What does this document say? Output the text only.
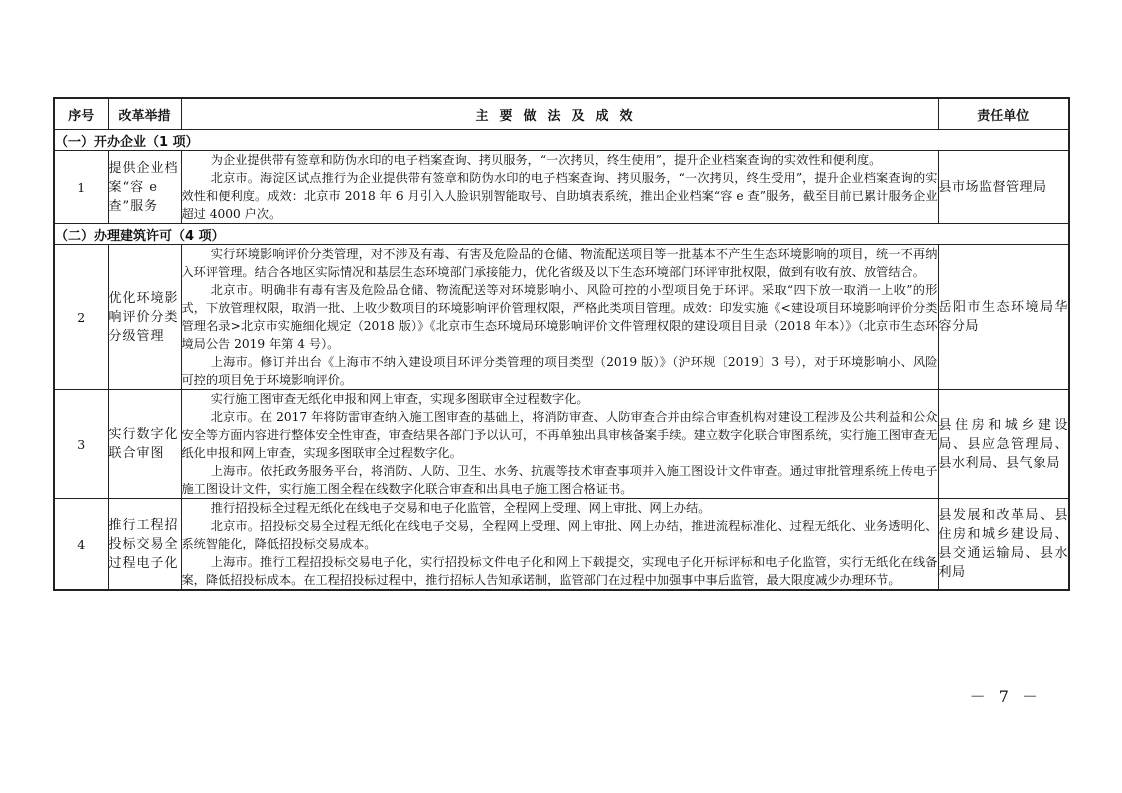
序号	改革举措	主要做法及成效	责任单位
（一）开办企业（1 项）			
1	提供企业档案“容 e 查”服务	为企业提供带有签章和防伪水印的电子档案查询、拷贝服务，“一次拷贝，终生使用”，提升企业档案查询的实效性和便利度。

北京市。海淀区试点推行为企业提供带有签章和防伪水印的电子档案查询、拷贝服务，“一次拷贝，终生受用”，提升企业档案查询的实效性和便利度。成效：北京市 2018 年 6 月引入人脸识别智能取号、自助填表系统，推出企业档案“容 e 查”服务，截至目前已累计服务企业超过 4000 户次。	县市场监督管理局
（二）办理建筑许可（4 项）			
2	优化环境影响评价分类分级管理	实行环境影响评价分类管理，对不涉及有毒、有害及危险品的仓储、物流配送项目等一批基本不产生生态环境影响的项目，统一不再纳入环评管理。结合各地区实际情况和基层生态环境部门承接能力，优化省级及以下生态环境部门环评审批权限，做到有收有放、放管结合。

北京市。明确非有毒有害及危险品仓储、物流配送等对环境影响小、风险可控的小型项目免于环评。采取“四下放一取消一上收”的形式，下放管理权限，取消一批、上收少数项目的环境影响评价管理权限，严格此类项目管理。成效：印发实施《<建设项目环境影响评价分类管理名录>北京市实施细化规定（2018 版）》《北京市生态环境局环境影响评价文件管理权限的建设项目目录（2018 年本）》（北京市生态环境局公告 2019 年第 4 号）。

上海市。修订并出台《上海市不纳入建设项目环评分类管理的项目类型（2019 版）》（沪环规〔2019〕3 号），对于环境影响小、风险可控的项目免于环境影响评价。	岳阳市生态环境局华容分局
3	实行数字化联合审图	实行施工图审查无纸化申报和网上审查，实现多图联审全过程数字化。

北京市。在 2017 年将防雷审查纳入施工图审查的基础上，将消防审查、人防审查合并由综合审查机构对建设工程涉及公共利益和公众安全等方面内容进行整体安全性审查，审查结果各部门予以认可，不再单独出具审核备案手续。建立数字化联合审图系统，实行施工图审查无纸化申报和网上审查，实现多图联审全过程数字化。

上海市。依托政务服务平台，将消防、人防、卫生、水务、抗震等技术审查事项并入施工图设计文件审查。通过审批管理系统上传电子施工图设计文件，实行施工图全程在线数字化联合审查和出具电子施工图合格证书。	县住房和城乡建设局、县应急管理局、县水利局、县气象局
4	推行工程招投标交易全过程电子化	推行招投标全过程无纸化在线电子交易和电子化监管，全程网上受理、网上审批、网上办结。

北京市。招投标交易全过程无纸化在线电子交易，全程网上受理、网上审批、网上办结，推进流程标准化、过程无纸化、业务透明化、系统智能化，降低招投标交易成本。

上海市。推行工程招投标交易电子化，实行招投标文件电子化和网上下载提交，实现电子化开标评标和电子化监管，实行无纸化在线备案，降低招投标成本。在工程招投标过程中，推行招标人告知承诺制，监管部门在过程中加强事中事后监管，最大限度减少办理环节。	县发展和改革局、县住房和城乡建设局、县交通运输局、县水利局
－ 7 －
